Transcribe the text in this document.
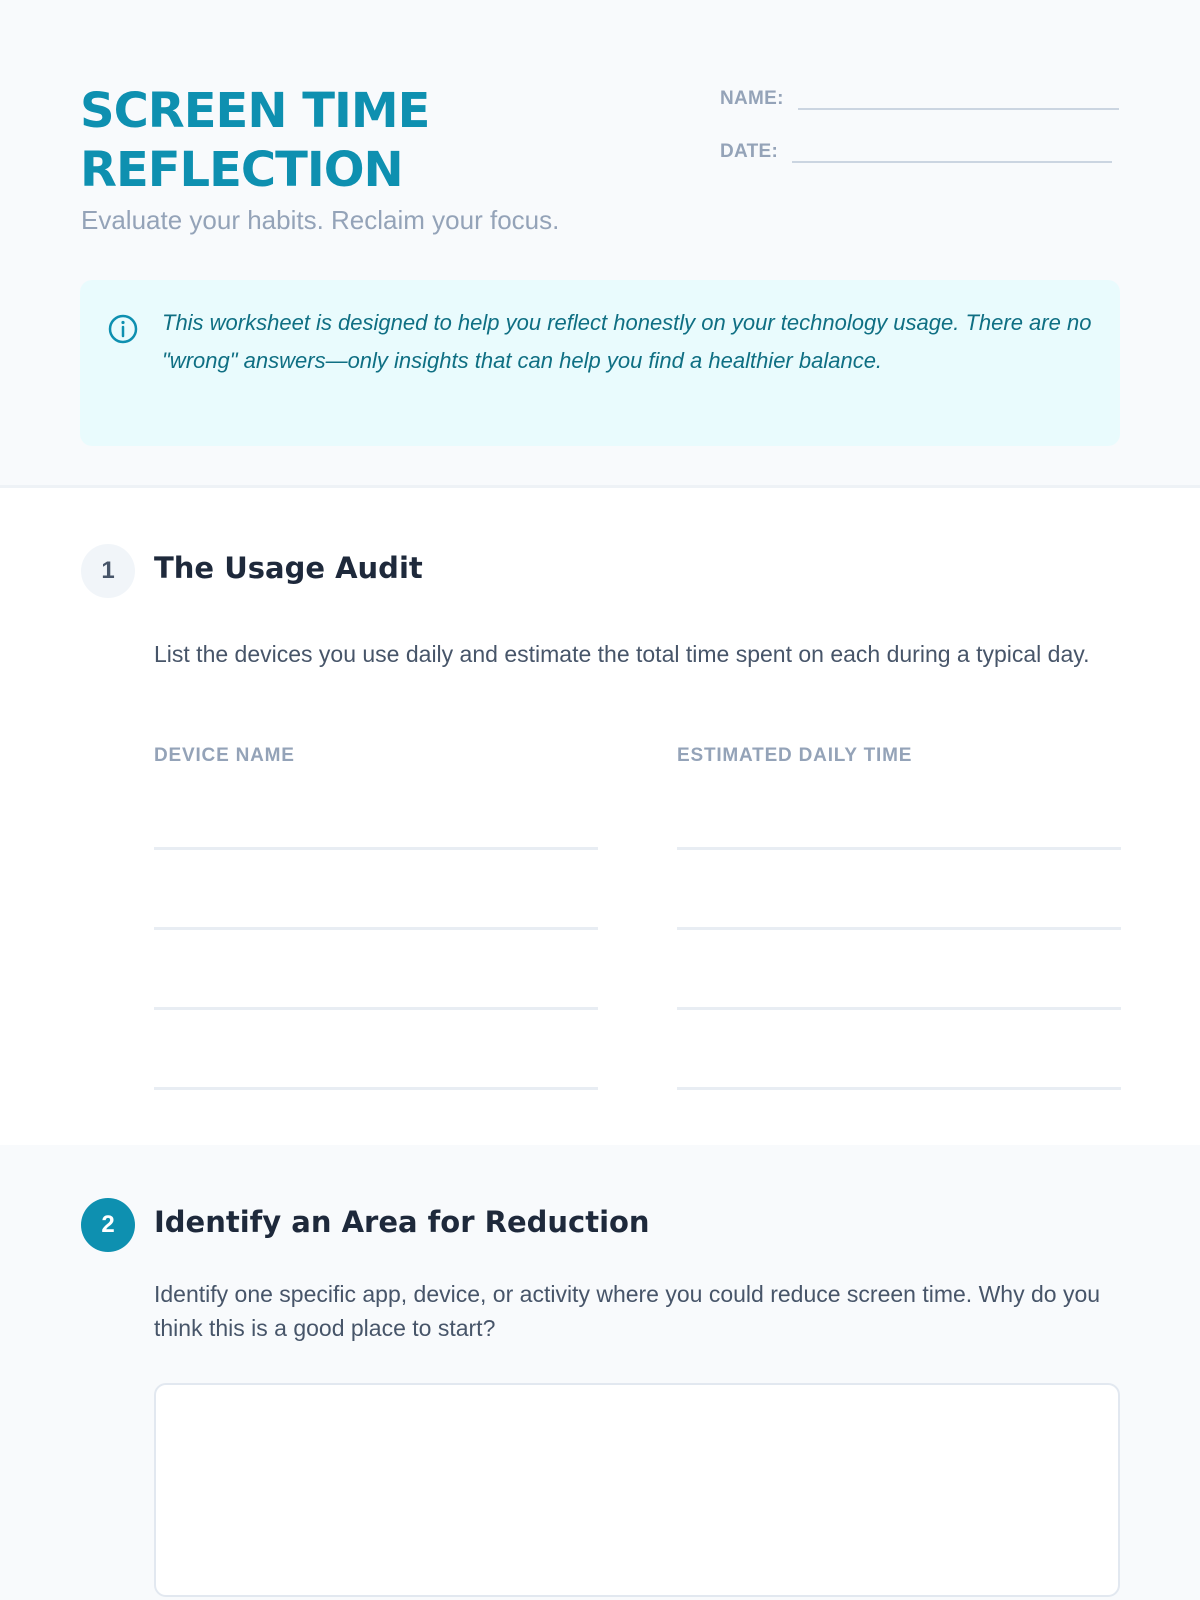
SCREEN TIME
REFLECTION
Evaluate your habits. Reclaim your focus.
NAME:
DATE:

This worksheet is designed to help you reflect honestly on your technology usage. There are no "wrong" answers—only insights that can help you find a healthier balance.

1	The Usage Audit

List the devices you use daily and estimate the total time spent on each during a typical day.

DEVICE NAME	ESTIMATED DAILY TIME
2	Identify an Area for Reduction

Identify one specific app, device, or activity where you could reduce screen time. Why do you think this is a good place to start?
